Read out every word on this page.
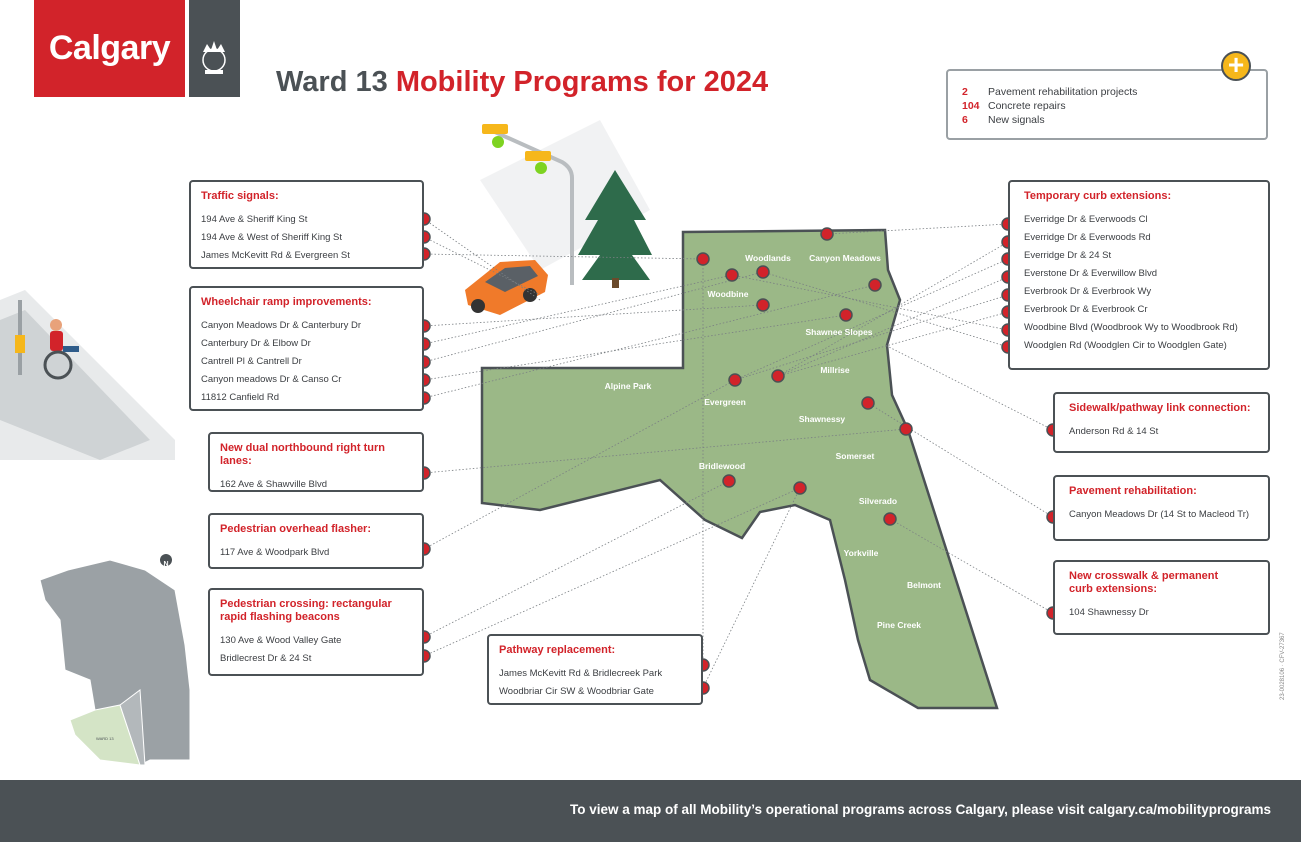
Calgary
Ward 13 Mobility Programs for 2024	2	Pavement rehabilitation projects
104 Concrete repairs
6	New signals
+
Woodlands Canyon Meadows
Woodbine
Shawnee Slopes
Alpine Park
Millrise
Evergreen
Shawnessy
Somerset
Bridlewood
Silverado
Yorkville
Belmont
Pine Creek
WARD 13
N
Traffic signals:
194 Ave & Sheriff King St
194 Ave & West of Sheriff King St
James McKevitt Rd & Evergreen St
Wheelchair ramp improvements:
Canyon Meadows Dr & Canterbury Dr
Canterbury Dr & Elbow Dr
Cantrell Pl & Cantrell Dr
Canyon meadows Dr & Canso Cr
11812 Canfield Rd
New dual northbound right turn lanes:
162 Ave & Shawville Blvd
Pedestrian overhead flasher:
117 Ave & Woodpark Blvd
Pedestrian crossing: rectangular rapid flashing beacons
130 Ave & Wood Valley Gate
Bridlecrest Dr & 24 St
Pathway replacement:
James McKevitt Rd & Bridlecreek Park
Woodbriar Cir SW & Woodbriar Gate
Temporary curb extensions:
Everridge Dr & Everwoods Cl
Everridge Dr & Everwoods Rd
Everridge Dr & 24 St
Everstone Dr & Everwillow Blvd
Everbrook Dr & Everbrook Wy
Everbrook Dr & Everbrook Cr
Woodbine Blvd (Woodbrook Wy to Woodbrook Rd)
Woodglen Rd (Woodglen Cir to Woodglen Gate)
Sidewalk/pathway link connection:
Anderson Rd & 14 St
Pavement rehabilitation:
Canyon Meadows Dr (14 St to Macleod Tr)
New crosswalk & permanent curb extensions:
104 Shawnessy Dr
23-0028106 · CFV-27367
To view a map of all Mobility’s operational programs across Calgary, please visit calgary.ca/mobilityprograms
